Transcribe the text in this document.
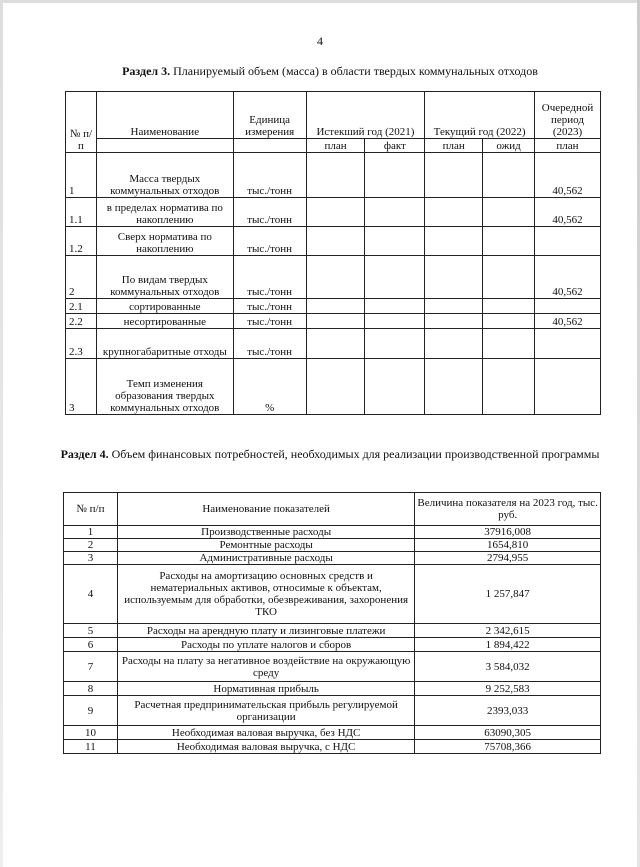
4
Раздел 3. Планируемый объем (масса) в области твердых коммунальных отходов
№ п/п	Наименование	Единица измерения	Истекший год (2021)		Текущий год (2022)		Очередной период (2023)
			план	факт	план	ожид	план
1	Масса твердых коммунальных отходов	тыс./тонн					40,562
1.1	в пределах норматива по накоплению	тыс./тонн					40,562
1.2	Сверх норматива по накоплению	тыс./тонн					
2	По видам твердых коммунальных отходов	тыс./тонн					40,562
2.1	сортированные	тыс./тонн					
2.2	несортированные	тыс./тонн					40,562
2.3	крупногабаритные отходы	тыс./тонн					
3	Темп изменения образования твердых коммунальных отходов	%					
Раздел 4. Объем финансовых потребностей, необходимых для реализации производственной программы
№ п/п	Наименование показателей	Величина показателя на 2023 год, тыс. руб.
1	Производственные расходы	37916,008
2	Ремонтные расходы	1654,810
3	Административные расходы	2794,955
4	Расходы на амортизацию основных средств и нематериальных активов, относимые к объектам, используемым для обработки, обезвреживания, захоронения ТКО	1 257,847
5	Расходы на арендную плату и лизинговые платежи	2 342,615
6	Расходы по уплате налогов и сборов	1 894,422
7	Расходы на плату за негативное воздействие на окружающую среду	3 584,032
8	Нормативная прибыль	9 252,583
9	Расчетная предпринимательская прибыль регулируемой организации	2393,033
10	Необходимая валовая выручка, без НДС	63090,305
11	Необходимая валовая выручка, с НДС	75708,366
